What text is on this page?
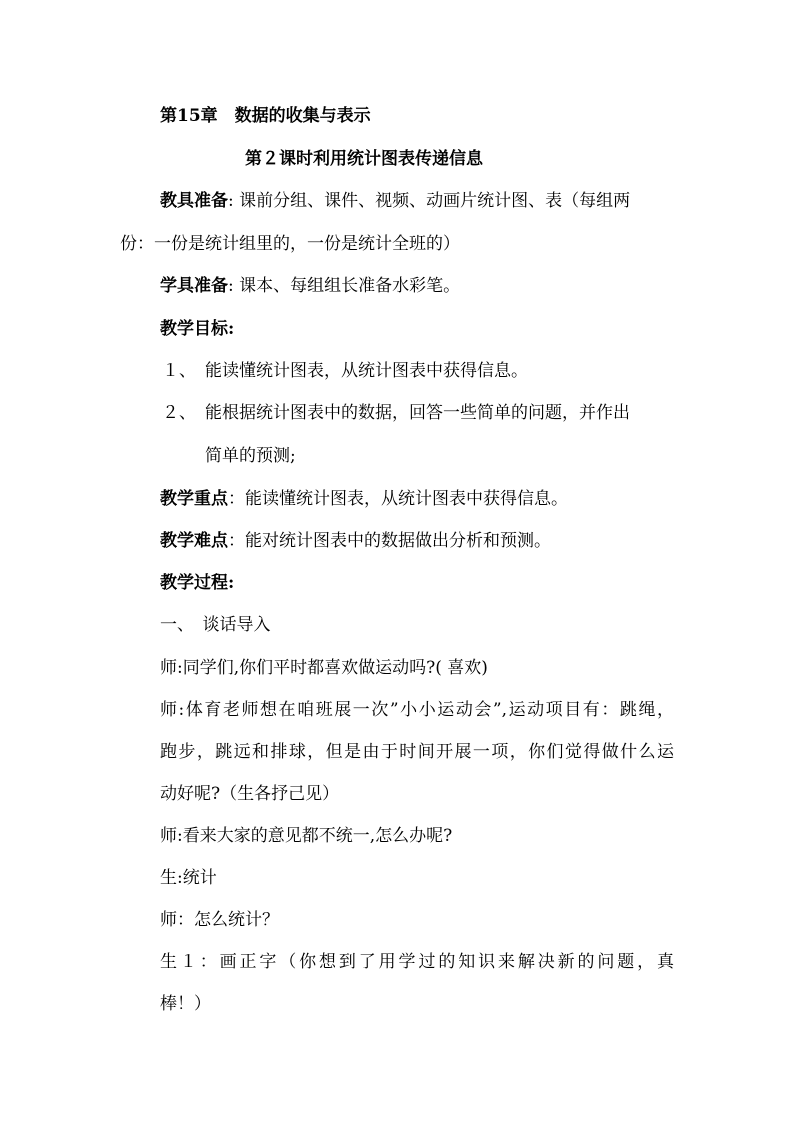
第15章　数据的收集与表示
第２课时利用统计图表传递信息
教具准备: 课前分组、课件、视频、动画片统计图、表（每组两
份：一份是统计组里的，一份是统计全班的）
学具准备: 课本、每组组长准备水彩笔。
教学目标:
１、 能读懂统计图表，从统计图表中获得信息。
２、 能根据统计图表中的数据，回答一些简单的问题，并作出
简单的预测;
教学重点：能读懂统计图表，从统计图表中获得信息。
教学难点：能对统计图表中的数据做出分析和预测。
教学过程:
一、　谈话导入
师:同学们,你们平时都喜欢做运动吗?( 喜欢)
师:体育老师想在咱班展一次”小小运动会”,运动项目有：跳绳，
跑步，跳远和排球，但是由于时间开展一项，你们觉得做什么运
动好呢?（生各抒己见）
师:看来大家的意见都不统一,怎么办呢?
生:统计
师：怎么统计？
生１：画正字（你想到了用学过的知识来解决新的问题，真
棒！）
